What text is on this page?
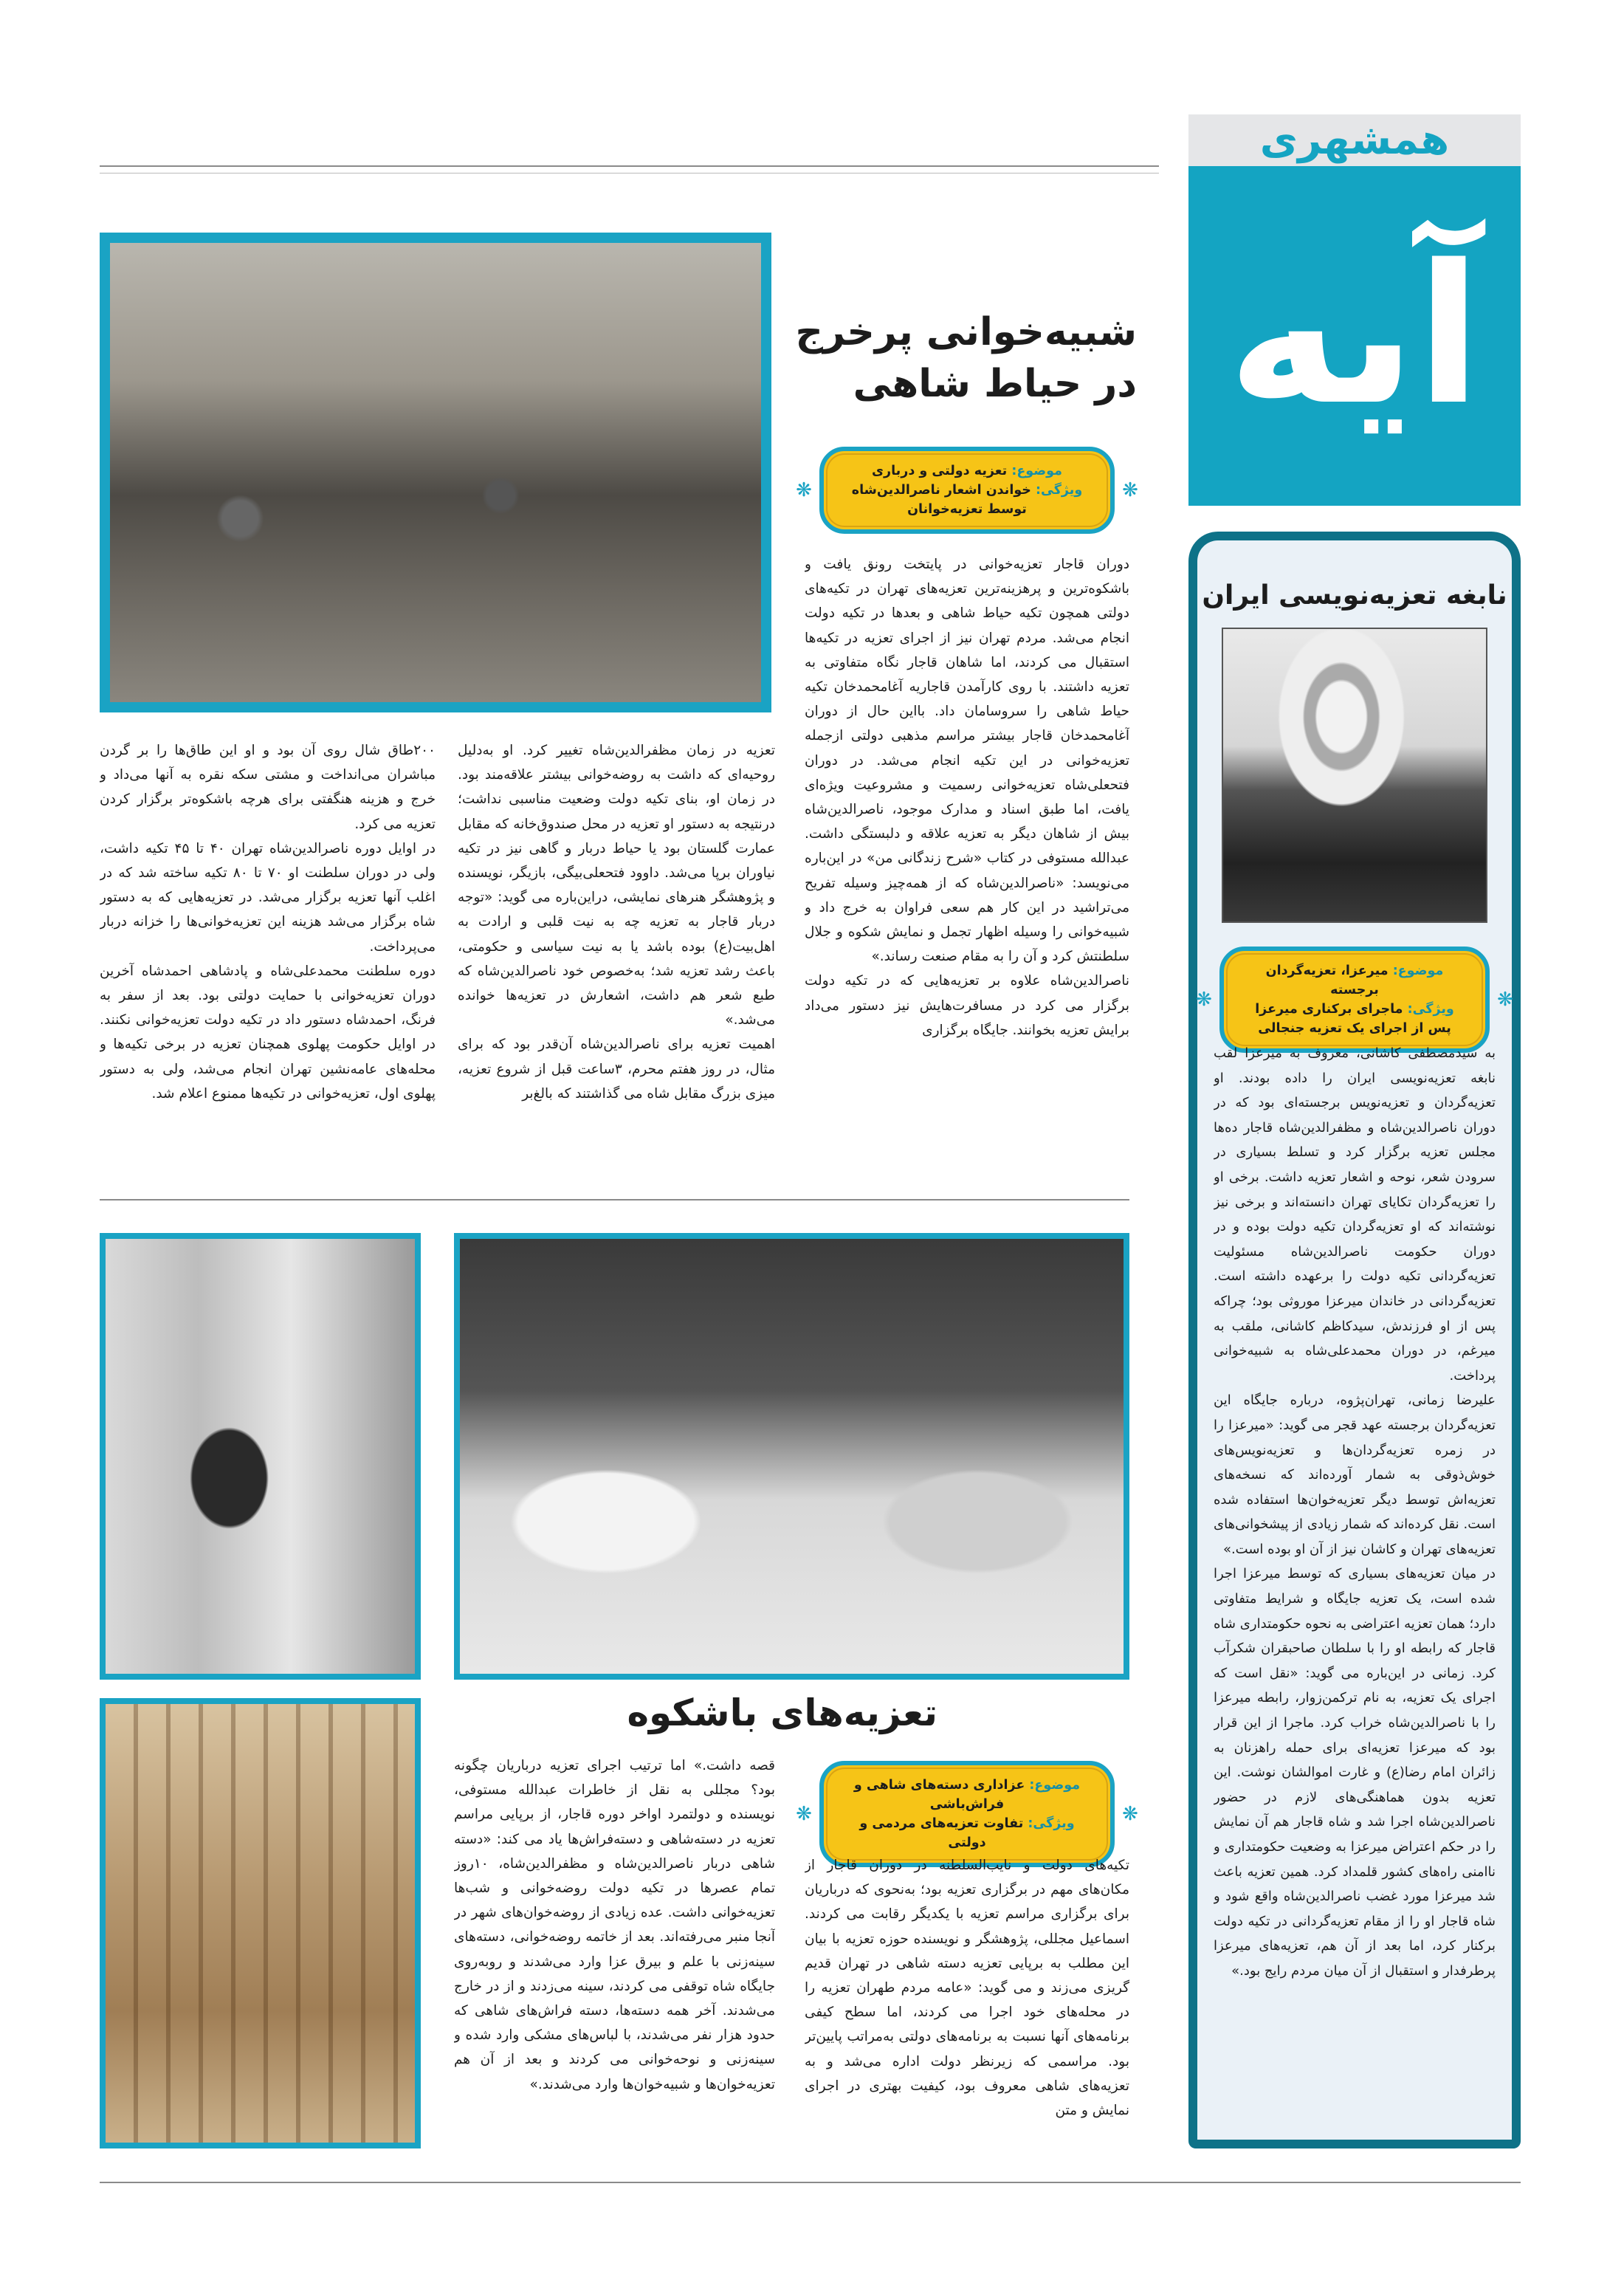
همشهری
آیه
نابغه تعزیه‌نویسی ایران
❋	❋
موضوع: میرعزا، تعزیه‌گردان برجسته
ویژگی: ماجرای برکناری میرعزا پس از اجرای یک تعزیه جنجالی

به سیدمصطفی کاشانی، معروف به میرعزا لقب نابغه تعزیه‌نویسی ایران را داده بودند. او تعزیه‌گردان و تعزیه‌نویس برجسته‌ای بود که در دوران ناصرالدین‌شاه و مظفرالدین‌شاه قاجار ده‌ها مجلس تعزیه برگزار کرد و تسلط بسیاری در سرودن شعر، نوحه و اشعار تعزیه داشت. برخی او را تعزیه‌گردان تکایای تهران دانسته‌اند و برخی نیز نوشته‌اند که او تعزیه‌گردان تکیه دولت بوده و در دوران حکومت ناصرالدین‌شاه مسئولیت تعزیه‌گردانی تکیه دولت را برعهده داشته است. تعزیه‌گردانی در خاندان میرعزا موروثی بود؛ چراکه پس از او فرزندش، سیدکاظم کاشانی، ملقب به میرغم، در دوران محمدعلی‌شاه به شبیه‌خوانی پرداخت.

علیرضا زمانی، تهران‌پژوه، درباره جایگاه این تعزیه‌گردان برجسته عهد قجر می گوید: «میرعزا را در زمره تعزیه‌گردان‌ها و تعزیه‌نویس‌های خوش‌ذوقی به شمار آورده‌اند که نسخه‌های تعزیه‌اش توسط دیگر تعزیه‌خوان‌ها استفاده شده است. نقل کرده‌اند که شمار زیادی از پیشخوانی‌های تعزیه‌های تهران و کاشان نیز از آن او بوده است.»

در میان تعزیه‌های بسیاری که توسط میرعزا اجرا شده است، یک تعزیه جایگاه و شرایط متفاوتی دارد؛ همان تعزیه اعتراضی به نحوه حکومتداری شاه قاجار که رابطه او را با سلطان صاحبقران شکرآب کرد. زمانی در این‌باره می گوید: «نقل است که اجرای یک تعزیه، به نام ترکمن‌زوار، رابطه میرعزا را با ناصرالدین‌شاه خراب کرد. ماجرا از این قرار بود که میرعزا تعزیه‌ای برای حمله راهزنان به زائران امام رضا(ع) و غارت اموالشان نوشت. این تعزیه بدون هماهنگی‌های لازم در حضور ناصرالدین‌شاه اجرا شد و شاه قاجار هم آن نمایش را در حکم اعتراض میرعزا به وضعیت حکومتداری و ناامنی راه‌های کشور قلمداد کرد. همین تعزیه باعث شد میرعزا مورد غضب ناصرالدین‌شاه واقع شود و شاه قاجار او را از مقام تعزیه‌گردانی در تکیه دولت برکنار کرد، اما بعد از آن هم، تعزیه‌های میرعزا پرطرفدار و استقبال از آن میان مردم رایج بود.»

شبیه‌خوانی پرخرج
در حیاط شاهی
❋	❋
موضوع: تعزیه دولتی و درباری
ویژگی: خواندن اشعار ناصرالدین‌شاه توسط تعزیه‌خوانان

دوران قاجار تعزیه‌خوانی در پایتخت رونق یافت و باشکوه‌ترین و پرهزینه‌ترین تعزیه‌های تهران در تکیه‌های دولتی همچون تکیه حیاط شاهی و بعدها در تکیه دولت انجام می‌شد. مردم تهران نیز از اجرای تعزیه در تکیه‌ها استقبال می کردند، اما شاهان قاجار نگاه متفاوتی به تعزیه داشتند. با روی کارآمدن قاجاریه آغامحمدخان تکیه حیاط شاهی را سروسامان داد. بااین حال از دوران آغامحمدخان قاجار بیشتر مراسم مذهبی دولتی ازجمله تعزیه‌خوانی در این تکیه انجام می‌شد. در دوران فتحعلی‌شاه تعزیه‌خوانی رسمیت و مشروعیت ویژه‌ای یافت، اما طبق اسناد و مدارک موجود، ناصرالدین‌شاه بیش از شاهان دیگر به تعزیه علاقه و دلبستگی داشت. عبدالله مستوفی در کتاب «شرح زندگانی من» در این‌باره می‌نویسد: «ناصرالدین‌شاه که از همه‌چیز وسیله تفریح می‌تراشید در این کار هم سعی فراوان به خرج داد و شبیه‌خوانی را وسیله اظهار تجمل و نمایش شکوه و جلال سلطنتش کرد و آن را به مقام صنعت رساند.»

ناصرالدین‌شاه علاوه بر تعزیه‌هایی که در تکیه دولت برگزار می کرد در مسافرت‌هایش نیز دستور می‌داد برایش تعزیه بخوانند. جایگاه برگزاری

تعزیه در زمان مظفرالدین‌شاه تغییر کرد. او به‌دلیل روحیه‌ای که داشت به روضه‌خوانی بیشتر علاقه‌مند بود. در زمان او، بنای تکیه دولت وضعیت مناسبی نداشت؛ درنتیجه به دستور او تعزیه در محل صندوق‌خانه که مقابل عمارت گلستان بود یا حیاط دربار و گاهی نیز در تکیه نیاوران برپا می‌شد. داوود فتحعلی‌بیگی، بازیگر، نویسنده و پژوهشگر هنرهای نمایشی، دراین‌باره می گوید: «توجه دربار قاجار به تعزیه چه به نیت قلبی و ارادت به اهل‌بیت(ع) بوده باشد یا به نیت سیاسی و حکومتی، باعث رشد تعزیه شد؛ به‌خصوص خود ناصرالدین‌شاه که طبع شعر هم داشت، اشعارش در تعزیه‌ها خوانده می‌شد.»

اهمیت تعزیه برای ناصرالدین‌شاه آن‌قدر بود که برای مثال، در روز هفتم محرم، ۳ساعت قبل از شروع تعزیه، میزی بزرگ مقابل شاه می گذاشتند که بالغ‌بر

۲۰۰طاق شال روی آن بود و او این طاق‌ها را بر گردن مباشران می‌انداخت و مشتی سکه نقره به آنها می‌داد و خرج و هزینه هنگفتی برای هرچه باشکوه‌تر برگزار کردن تعزیه می کرد.

در اوایل دوره ناصرالدین‌شاه تهران ۴۰ تا ۴۵ تکیه داشت، ولی در دوران سلطنت او ۷۰ تا ۸۰ تکیه ساخته شد که در اغلب آنها تعزیه برگزار می‌شد. در تعزیه‌هایی که به دستور شاه برگزار می‌شد هزینه این تعزیه‌خوانی‌ها را خزانه دربار می‌پرداخت.

دوره سلطنت محمدعلی‌شاه و پادشاهی احمدشاه آخرین دوران تعزیه‌خوانی با حمایت دولتی بود. بعد از سفر به فرنگ، احمدشاه دستور داد در تکیه دولت تعزیه‌خوانی نکنند. در اوایل حکومت پهلوی همچنان تعزیه در برخی تکیه‌ها و محله‌های عامه‌نشین تهران انجام می‌شد، ولی به دستور پهلوی اول، تعزیه‌خوانی در تکیه‌ها ممنوع اعلام شد.

تعزیه‌های باشکوه
❋	❋
موضوع: عزاداری دسته‌های شاهی و فراش‌باشی
ویژگی: تفاوت تعزیه‌های مردمی و دولتی

تکیه‌های دولت و نایب‌السلطنه در دوران قاجار از مکان‌های مهم در برگزاری تعزیه بود؛ به‌نحوی که درباریان برای برگزاری مراسم تعزیه با یکدیگر رقابت می کردند. اسماعیل مجللی، پژوهشگر و نویسنده حوزه تعزیه با بیان این مطلب به برپایی تعزیه دسته شاهی در تهران قدیم گریزی می‌زند و می گوید: «عامه مردم طهران تعزیه را در محله‌های خود اجرا می کردند، اما سطح کیفی برنامه‌های آنها نسبت به برنامه‌های دولتی به‌مراتب پایین‌تر بود. مراسمی که زیرنظر دولت اداره می‌شد و به تعزیه‌های شاهی معروف بود، کیفیت بهتری در اجرای نمایش و متن

قصه داشت.» اما ترتیب اجرای تعزیه درباریان چگونه بود؟ مجللی به نقل از خاطرات عبدالله مستوفی، نویسنده و دولتمرد اواخر دوره قاجار، از برپایی مراسم تعزیه در دسته‌شاهی و دسته‌فراش‌ها یاد می کند: «دسته شاهی دربار ناصرالدین‌شاه و مظفرالدین‌شاه، ۱۰روز تمام عصرها در تکیه دولت روضه‌خوانی و شب‌ها تعزیه‌خوانی داشت. عده زیادی از روضه‌خوان‌های شهر در آنجا منبر می‌رفته‌اند. بعد از خاتمه روضه‌خوانی، دسته‌های سینه‌زنی با علم و بیرق عزا وارد می‌شدند و روبه‌روی جایگاه شاه توقفی می کردند، سینه می‌زدند و از در خارج می‌شدند. آخر همه دسته‌ها، دسته فراش‌های شاهی که حدود هزار نفر می‌شدند، با لباس‌های مشکی وارد شده و سینه‌زنی و نوحه‌خوانی می کردند و بعد از آن هم تعزیه‌خوان‌ها و شبیه‌خوان‌ها وارد می‌شدند.»
